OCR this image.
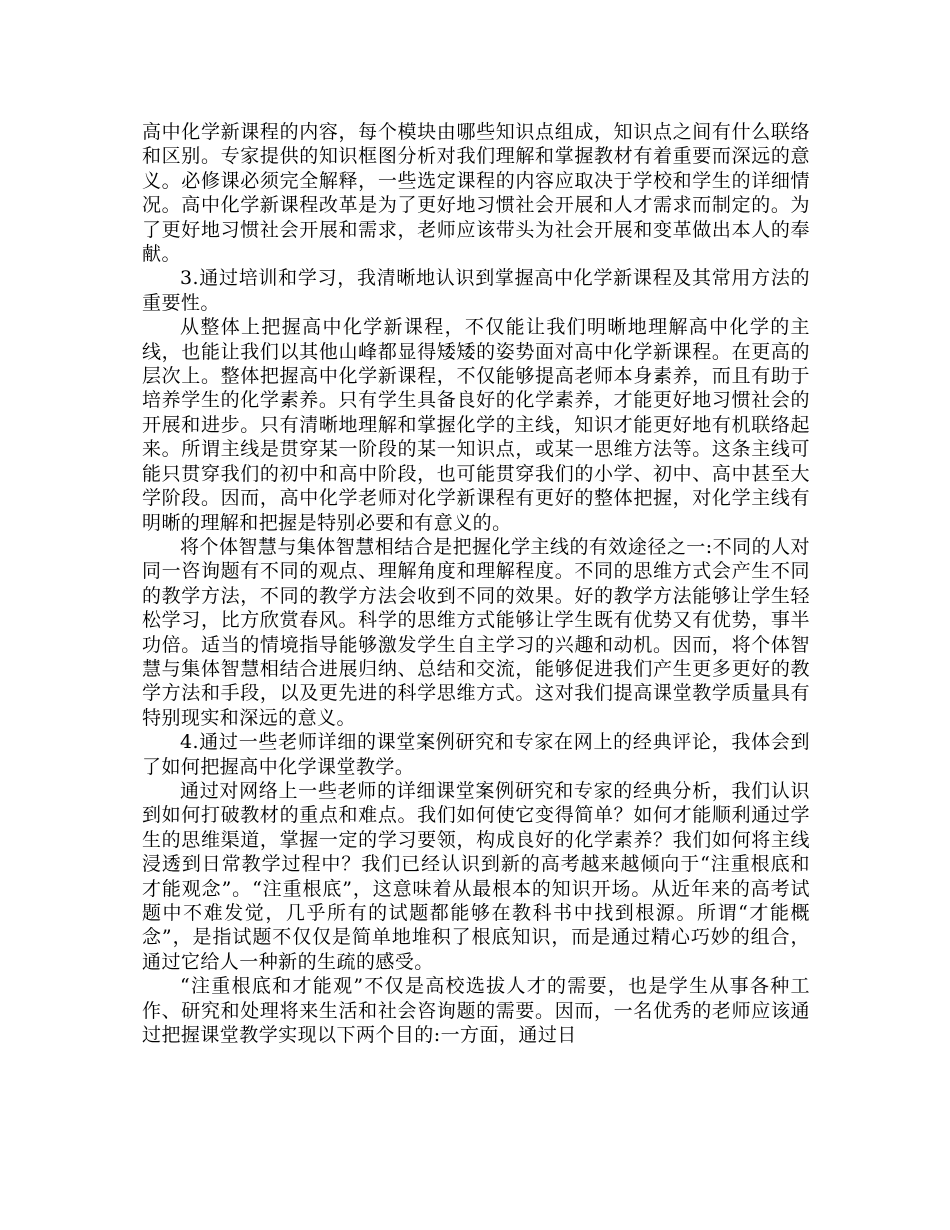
高中化学新课程的内容，每个模块由哪些知识点组成，知识点之间有什么联络和区别。专家提供的知识框图分析对我们理解和掌握教材有着重要而深远的意义。必修课必须完全解释，一些选定课程的内容应取决于学校和学生的详细情况。高中化学新课程改革是为了更好地习惯社会开展和人才需求而制定的。为了更好地习惯社会开展和需求，老师应该带头为社会开展和变革做出本人的奉献。

3.通过培训和学习，我清晰地认识到掌握高中化学新课程及其常用方法的重要性。

从整体上把握高中化学新课程，不仅能让我们明晰地理解高中化学的主线，也能让我们以其他山峰都显得矮矮的姿势面对高中化学新课程。在更高的层次上。整体把握高中化学新课程，不仅能够提高老师本身素养，而且有助于培养学生的化学素养。只有学生具备良好的化学素养，才能更好地习惯社会的开展和进步。只有清晰地理解和掌握化学的主线，知识才能更好地有机联络起来。所谓主线是贯穿某一阶段的某一知识点，或某一思维方法等。这条主线可能只贯穿我们的初中和高中阶段，也可能贯穿我们的小学、初中、高中甚至大学阶段。因而，高中化学老师对化学新课程有更好的整体把握，对化学主线有明晰的理解和把握是特别必要和有意义的。

将个体智慧与集体智慧相结合是把握化学主线的有效途径之一:不同的人对同一咨询题有不同的观点、理解角度和理解程度。不同的思维方式会产生不同的教学方法，不同的教学方法会收到不同的效果。好的教学方法能够让学生轻松学习，比方欣赏春风。科学的思维方式能够让学生既有优势又有优势，事半功倍。适当的情境指导能够激发学生自主学习的兴趣和动机。因而，将个体智慧与集体智慧相结合进展归纳、总结和交流，能够促进我们产生更多更好的教学方法和手段，以及更先进的科学思维方式。这对我们提高课堂教学质量具有特别现实和深远的意义。

4.通过一些老师详细的课堂案例研究和专家在网上的经典评论，我体会到了如何把握高中化学课堂教学。

通过对网络上一些老师的详细课堂案例研究和专家的经典分析，我们认识到如何打破教材的重点和难点。我们如何使它变得简单？如何才能顺利通过学生的思维渠道，掌握一定的学习要领，构成良好的化学素养？我们如何将主线浸透到日常教学过程中？我们已经认识到新的高考越来越倾向于“注重根底和才能观念”。“注重根底”，这意味着从最根本的知识开场。从近年来的高考试题中不难发觉，几乎所有的试题都能够在教科书中找到根源。所谓“才能概念”，是指试题不仅仅是简单地堆积了根底知识，而是通过精心巧妙的组合，通过它给人一种新的生疏的感受。

“注重根底和才能观”不仅是高校选拔人才的需要，也是学生从事各种工作、研究和处理将来生活和社会咨询题的需要。因而，一名优秀的老师应该通过把握课堂教学实现以下两个目的:一方面，通过日
